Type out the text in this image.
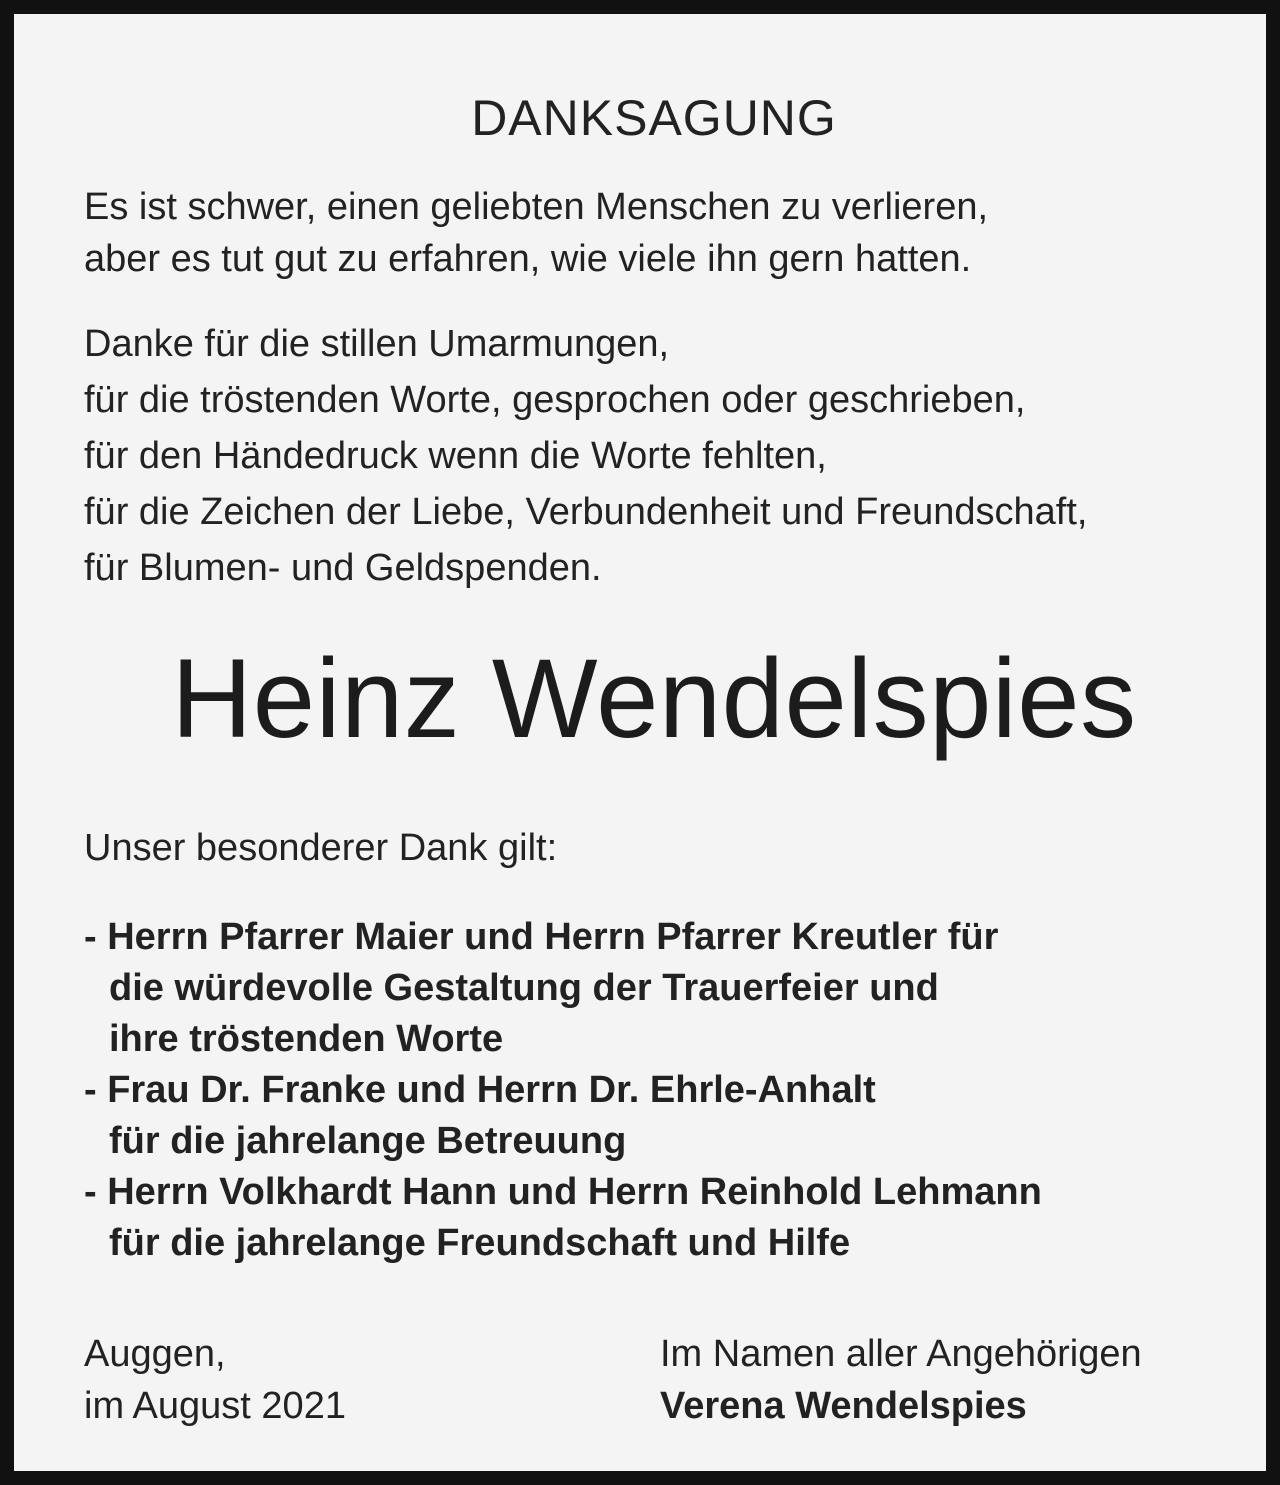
DANKSAGUNG
Es ist schwer, einen geliebten Menschen zu verlieren,
aber es tut gut zu erfahren, wie viele ihn gern hatten.
Danke für die stillen Umarmungen,
für die tröstenden Worte, gesprochen oder geschrieben,
für den Händedruck wenn die Worte fehlten,
für die Zeichen der Liebe, Verbundenheit und Freundschaft,
für Blumen- und Geldspenden.
Heinz Wendelspies
Unser besonderer Dank gilt:
- Herrn Pfarrer Maier und Herrn Pfarrer Kreutler für
die würdevolle Gestaltung der Trauerfeier und
ihre tröstenden Worte
- Frau Dr. Franke und Herrn Dr. Ehrle-Anhalt
für die jahrelange Betreuung
- Herrn Volkhardt Hann und Herrn Reinhold Lehmann
für die jahrelange Freundschaft und Hilfe
Auggen,
im August 2021
Im Namen aller Angehörigen
Verena Wendelspies
